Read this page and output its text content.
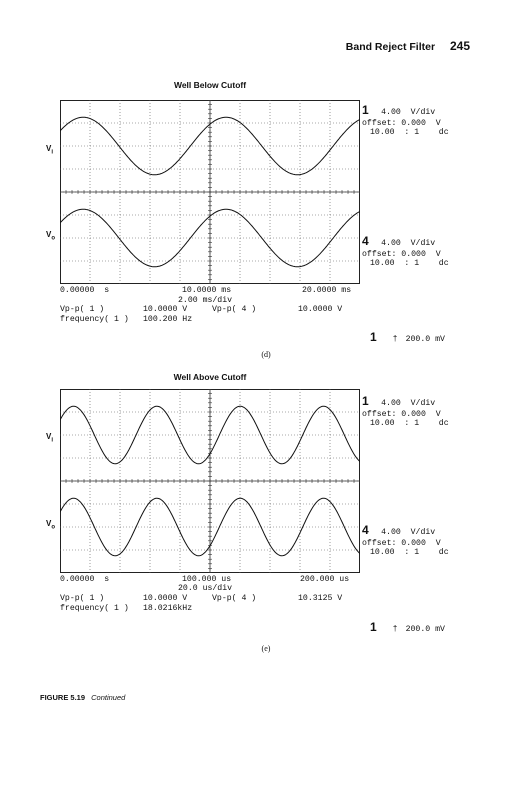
Band Reject Filter 245
Well Below Cutoff
$V_i$
$V_o$
1 4.00  V/div
offset: 0.000  V
10.00  : 1    dc
4 4.00  V/div
offset: 0.000  V
10.00  : 1    dc
0.00000  s	10.0000 ms	20.0000 ms
2.00 ms/div
Vp-p( 1 )	10.0000 V	Vp-p( 4 )	10.0000 V
frequency( 1 ) 100.200 Hz
1 † 200.0 mV
(d)
Well Above Cutoff
$V_i$
$V_o$
1 4.00  V/div
offset: 0.000  V
10.00  : 1    dc
4 4.00  V/div
offset: 0.000  V
10.00  : 1    dc
0.00000  s	100.000 us	200.000 us
20.0 us/div
Vp-p( 1 )	10.0000 V	Vp-p( 4 )	10.3125 V
frequency( 1 ) 18.0216kHz
1 † 200.0 mV
(e)
FIGURE 5.19 Continued
